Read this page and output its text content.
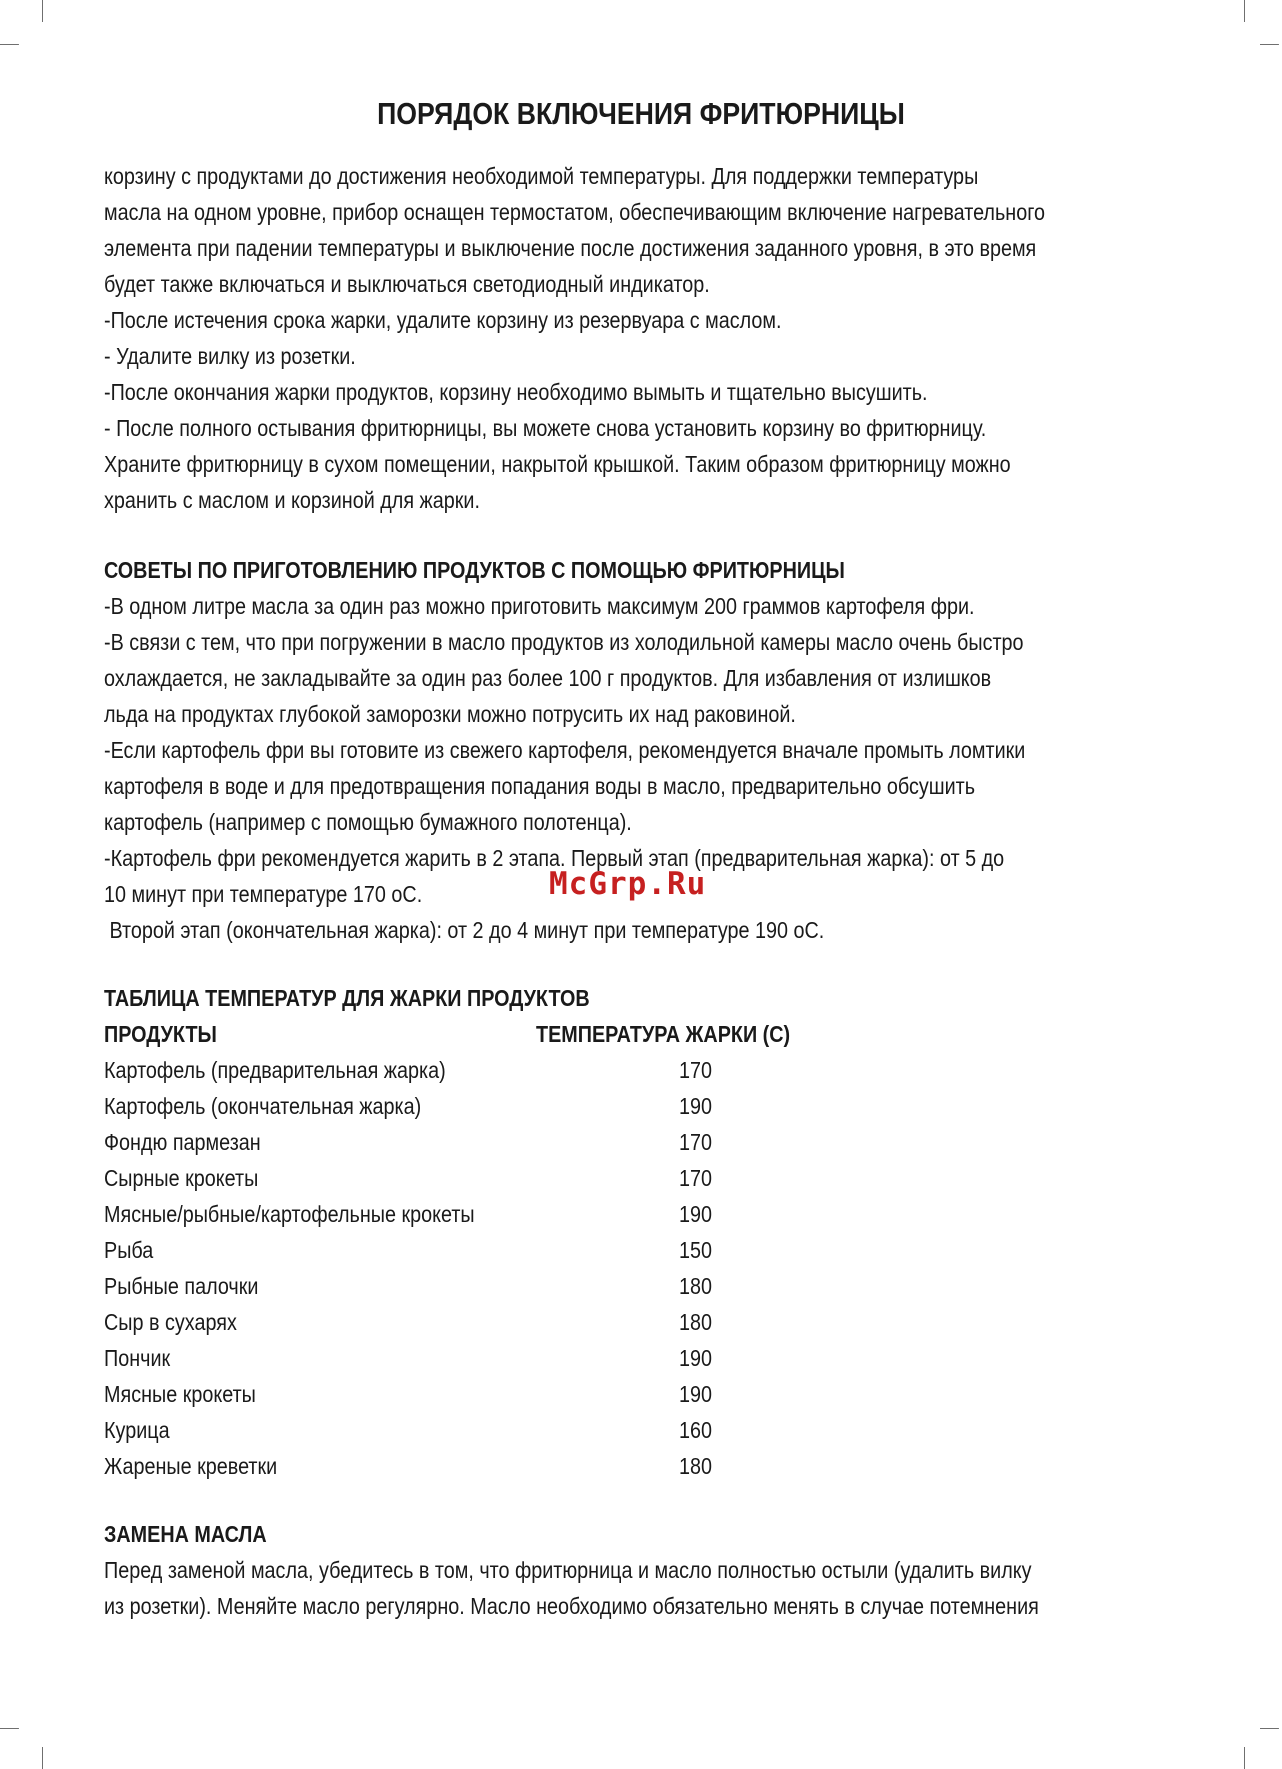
ПОРЯДОК ВКЛЮЧЕНИЯ ФРИТЮРНИЦЫ
корзину с продуктами до достижения необходимой температуры. Для поддержки температуры
масла на одном уровне, прибор оснащен термостатом, обеспечивающим включение нагревательного
элемента при падении температуры и выключение после достижения заданного уровня, в это время
будет также включаться и выключаться светодиодный индикатор.
-После истечения срока жарки, удалите корзину из резервуара с маслом.
- Удалите вилку из розетки.
-После окончания жарки продуктов, корзину необходимо вымыть и тщательно высушить.
- После полного остывания фритюрницы, вы можете снова установить корзину во фритюрницу.
Храните фритюрницу в сухом помещении, накрытой крышкой. Таким образом фритюрницу можно
хранить с маслом и корзиной для жарки.
СОВЕТЫ ПО ПРИГОТОВЛЕНИЮ ПРОДУКТОВ С ПОМОЩЬЮ ФРИТЮРНИЦЫ
-В одном литре масла за один раз можно приготовить максимум 200 граммов картофеля фри.
-В связи с тем, что при погружении в масло продуктов из холодильной камеры масло очень быстро
охлаждается, не закладывайте за один раз более 100 г продуктов. Для избавления от излишков
льда на продуктах глубокой заморозки можно потрусить их над раковиной.
-Если картофель фри вы готовите из свежего картофеля, рекомендуется вначале промыть ломтики
картофеля в воде и для предотвращения попадания воды в масло, предварительно обсушить
картофель (например с помощью бумажного полотенца).
-Картофель фри рекомендуется жарить в 2 этапа. Первый этап (предварительная жарка): от 5 до
10 минут при температуре 170 оС.
Второй этап (окончательная жарка): от 2 до 4 минут при температуре 190 оС.
ТАБЛИЦА ТЕМПЕРАТУР ДЛЯ ЖАРКИ ПРОДУКТОВ
ПРОДУКТЫ	ТЕМПЕРАТУРА ЖАРКИ (С)
Картофель (предварительная жарка)	170
Картофель (окончательная жарка)	190
Фондю пармезан	170
Сырные крокеты	170
Мясные/рыбные/картофельные крокеты	190
Рыба	150
Рыбные палочки	180
Сыр в сухарях	180
Пончик	190
Мясные крокеты	190
Курица	160
Жареные креветки	180
ЗАМЕНА МАСЛА
Перед заменой масла, убедитесь в том, что фритюрница и масло полностью остыли (удалить вилку
из розетки). Меняйте масло регулярно. Масло необходимо обязательно менять в случае потемнения
McGrp.Ru
